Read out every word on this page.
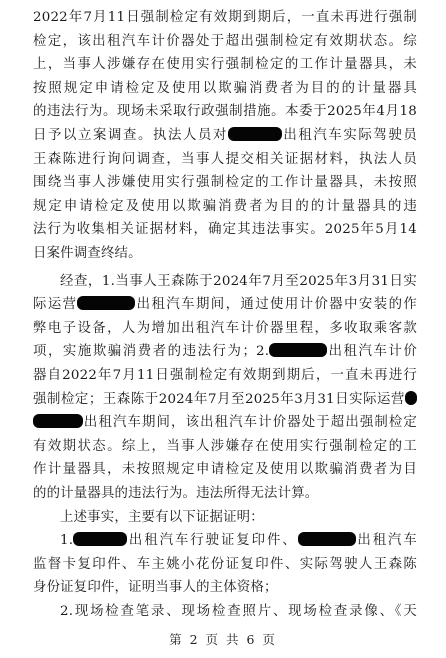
2022年7月11日强制检定有效期到期后，一直未再进行强制
检定，该出租汽车计价器处于超出强制检定有效期状态。综
上，当事人涉嫌存在使用实行强制检定的工作计量器具，未
按照规定申请检定及使用以欺骗消费者为目的的计量器具
的违法行为。现场未采取行政强制措施。本委于2025年4月18
日予以立案调查。执法人员对	出租汽车实际驾驶员
王森陈进行询问调查，当事人提交相关证据材料，执法人员
围绕当事人涉嫌使用实行强制检定的工作计量器具，未按照
规定申请检定及使用以欺骗消费者为目的的计量器具的违
法行为收集相关证据材料，确定其违法事实。2025年5月14
日案件调查终结。
经查，1.当事人王森陈于2024年7月至2025年3月31日实
际运营	出租汽车期间，通过使用计价器中安装的作
弊电子设备，人为增加出租汽车计价器里程，多收取乘客款
项，实施欺骗消费者的违法行为；2.	出租汽车计价
器自2022年7月11日强制检定有效期到期后，一直未再进行
强制检定；王森陈于2024年7月至2025年3月31日实际运营
出租汽车期间，该出租汽车计价器处于超出强制检定
有效期状态。综上，当事人涉嫌存在使用实行强制检定的工
作计量器具，未按照规定申请检定及使用以欺骗消费者为目
的的计量器具的违法行为。违法所得无法计算。
上述事实，主要有以下证据证明：
1.	出租汽车行驶证复印件、	出租汽车
监督卡复印件、车主姚小花份证复印件、实际驾驶人王森陈
身份证复印件，证明当事人的主体资格；
2.现场检查笔录、现场检查照片、现场检查录像、《天
第 2 页 共 6 页
